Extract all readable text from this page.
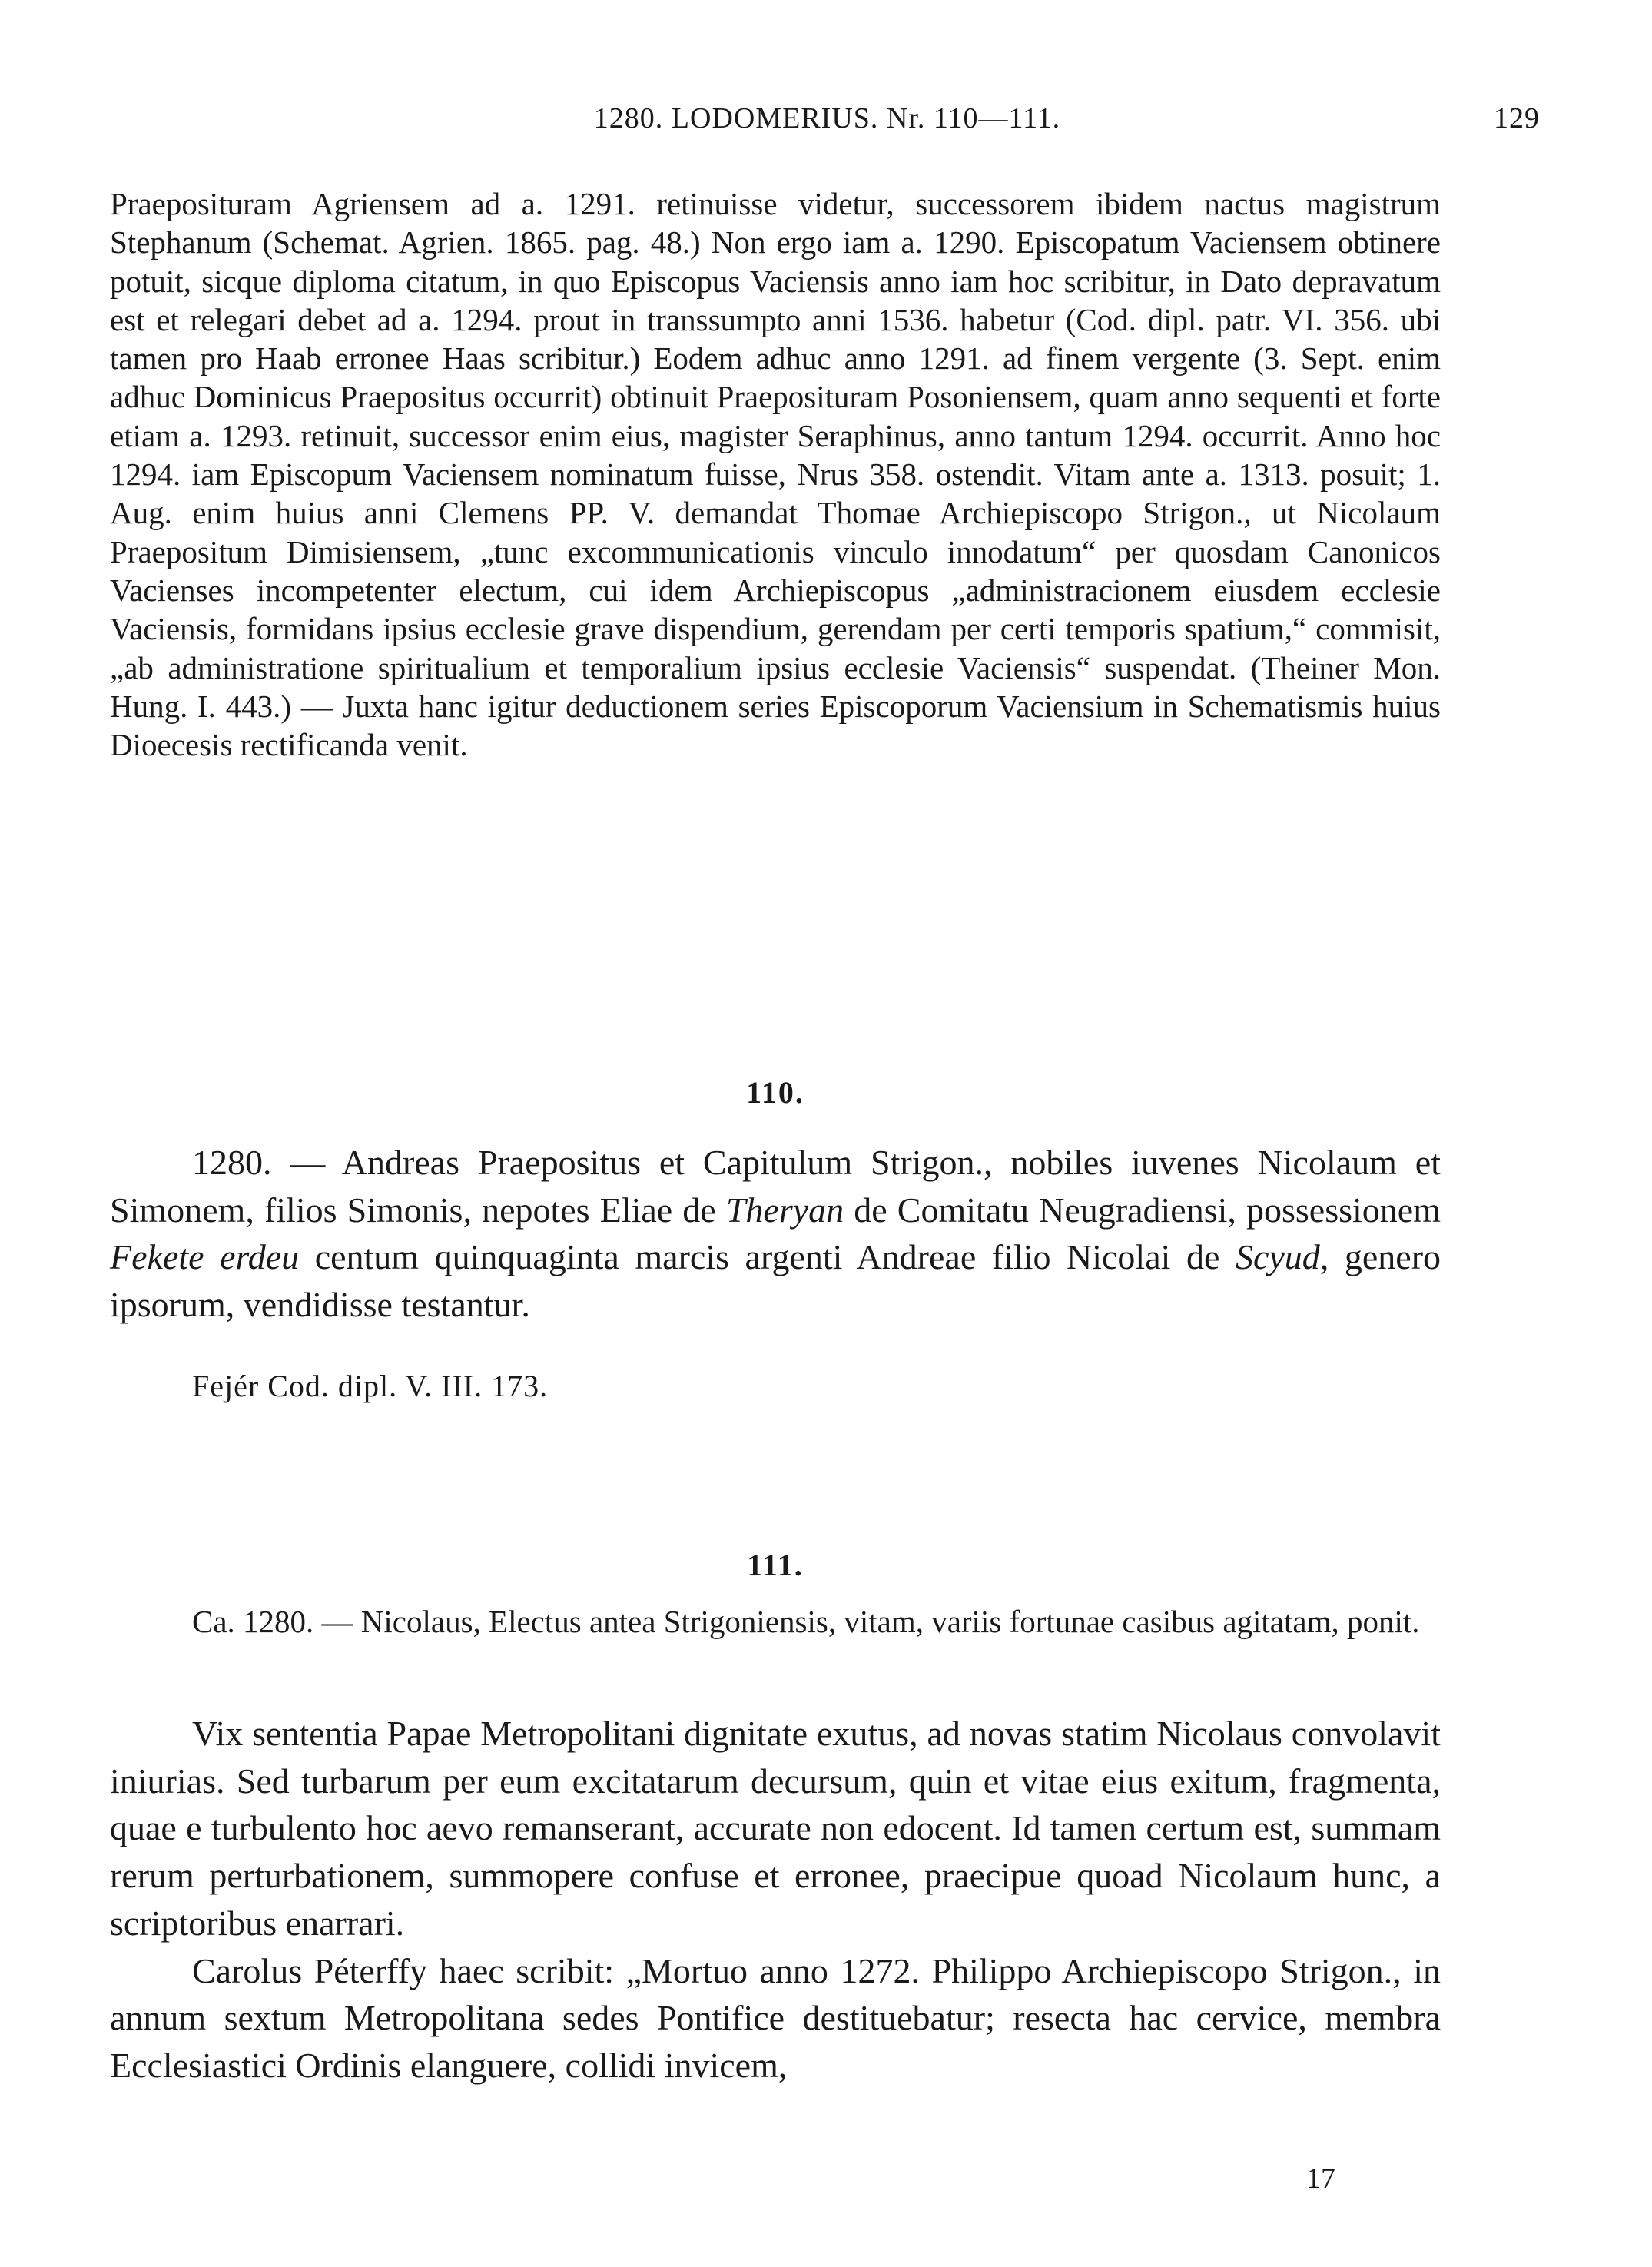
1280. LODOMERIUS. Nr. 110—111.	129

Praeposituram Agriensem ad a. 1291. retinuisse videtur, successorem ibidem nactus magistrum Stephanum (Schemat. Agrien. 1865. pag. 48.) Non ergo iam a. 1290. Episcopatum Vaciensem obtinere potuit, sicque diploma citatum, in quo Episcopus Vaciensis anno iam hoc scribitur, in Dato depravatum est et relegari debet ad a. 1294. prout in transsumpto anni 1536. habetur (Cod. dipl. patr. VI. 356. ubi tamen pro Haab erronee Haas scribitur.) Eodem adhuc anno 1291. ad finem vergente (3. Sept. enim adhuc Dominicus Praepositus occurrit) obtinuit Praeposituram Posoniensem, quam anno sequenti et forte etiam a. 1293. retinuit, successor enim eius, magister Seraphinus, anno tantum 1294. occurrit. Anno hoc 1294. iam Episcopum Vaciensem nominatum fuisse, Nrus 358. ostendit. Vitam ante a. 1313. posuit; 1. Aug. enim huius anni Clemens PP. V. demandat Thomae Archiepiscopo Strigon., ut Nicolaum Praepositum Dimisiensem, „tunc excommunicationis vinculo innodatum“ per quosdam Canonicos Vacienses incompetenter electum, cui idem Archiepiscopus „administracionem eiusdem ecclesie Vaciensis, formidans ipsius ecclesie grave dispendium, gerendam per certi temporis spatium,“ commisit, „ab administratione spiritualium et temporalium ipsius ecclesie Vaciensis“ suspendat. (Theiner Mon. Hung. I. 443.) — Juxta hanc igitur deductionem series Episcoporum Vaciensium in Schematismis huius Dioecesis rectificanda venit.

110.

1280. — Andreas Praepositus et Capitulum Strigon., nobiles iuvenes Nicolaum et Simonem, filios Simonis, nepotes Eliae de Theryan de Comitatu Neugradiensi, possessionem Fekete erdeu centum quinquaginta marcis argenti Andreae filio Nicolai de Scyud, genero ipsorum, vendidisse testantur.

Fejér Cod. dipl. V. III. 173.
111.

Ca. 1280. — Nicolaus, Electus antea Strigoniensis, vitam, variis fortunae casibus agitatam, ponit.

Vix sententia Papae Metropolitani dignitate exutus, ad novas statim Nicolaus convolavit iniurias. Sed turbarum per eum excitatarum decursum, quin et vitae eius exitum, fragmenta, quae e turbulento hoc aevo remanserant, accurate non edocent. Id tamen certum est, summam rerum perturbationem, summopere confuse et erronee, praecipue quoad Nicolaum hunc, a scriptoribus enarrari.

Carolus Péterffy haec scribit: „Mortuo anno 1272. Philippo Archiepiscopo Strigon., in annum sextum Metropolitana sedes Pontifice destituebatur; resecta hac cervice, membra Ecclesiastici Ordinis elanguere, collidi invicem,

17
